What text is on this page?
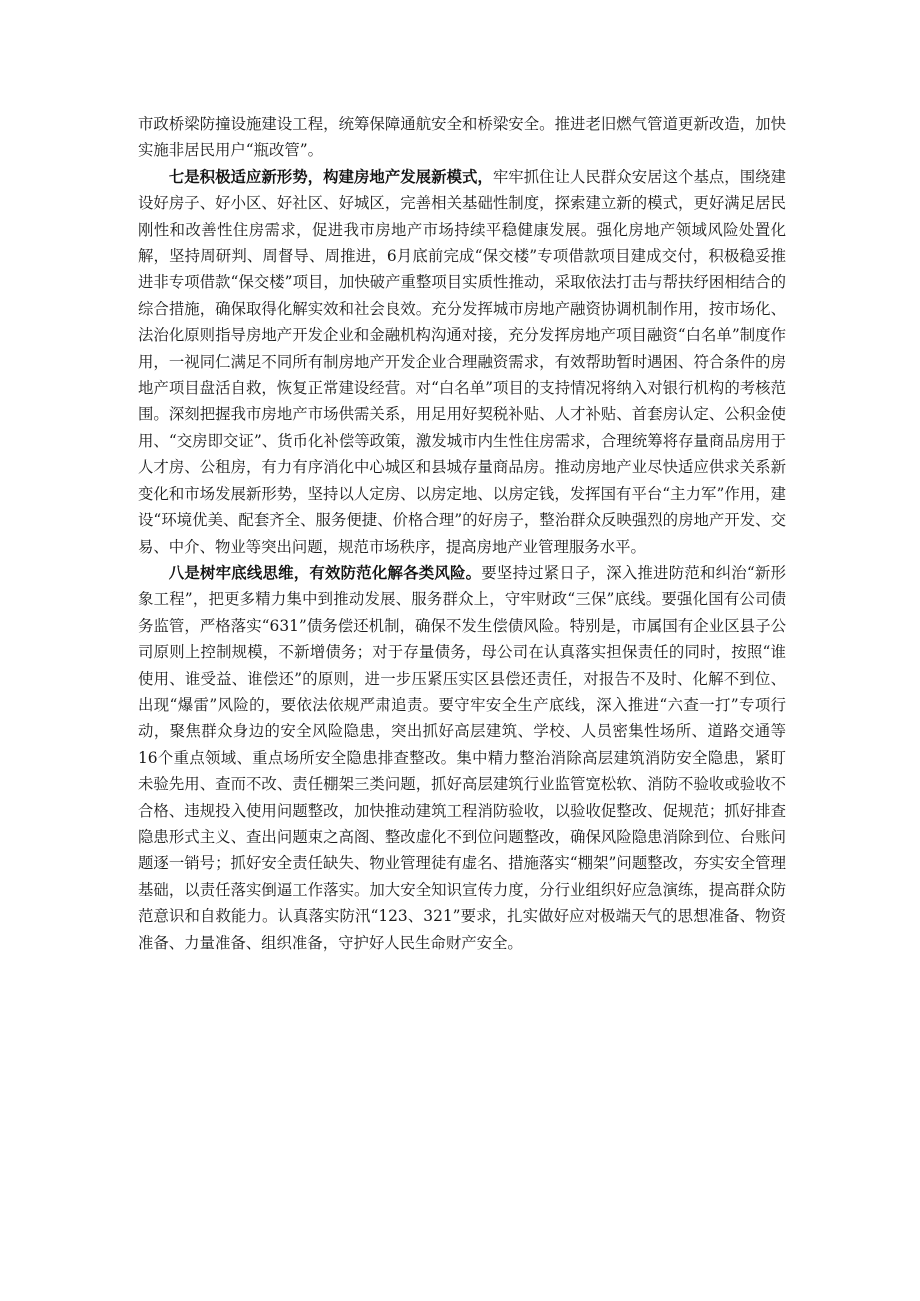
市政桥梁防撞设施建设工程，统筹保障通航安全和桥梁安全。推进老旧燃气管道更新改造，加快实施非居民用户“瓶改管”。

七是积极适应新形势，构建房地产发展新模式，牢牢抓住让人民群众安居这个基点，围绕建设好房子、好小区、好社区、好城区，完善相关基础性制度，探索建立新的模式，更好满足居民刚性和改善性住房需求，促进我市房地产市场持续平稳健康发展。强化房地产领域风险处置化解，坚持周研判、周督导、周推进，6月底前完成“保交楼”专项借款项目建成交付，积极稳妥推进非专项借款“保交楼”项目，加快破产重整项目实质性推动，采取依法打击与帮扶纾困相结合的综合措施，确保取得化解实效和社会良效。充分发挥城市房地产融资协调机制作用，按市场化、法治化原则指导房地产开发企业和金融机构沟通对接，充分发挥房地产项目融资“白名单”制度作用，一视同仁满足不同所有制房地产开发企业合理融资需求，有效帮助暂时遇困、符合条件的房地产项目盘活自救，恢复正常建设经营。对“白名单”项目的支持情况将纳入对银行机构的考核范围。深刻把握我市房地产市场供需关系，用足用好契税补贴、人才补贴、首套房认定、公积金使用、“交房即交证”、货币化补偿等政策，激发城市内生性住房需求，合理统筹将存量商品房用于人才房、公租房，有力有序消化中心城区和县城存量商品房。推动房地产业尽快适应供求关系新变化和市场发展新形势，坚持以人定房、以房定地、以房定钱，发挥国有平台“主力军”作用，建设“环境优美、配套齐全、服务便捷、价格合理”的好房子，整治群众反映强烈的房地产开发、交易、中介、物业等突出问题，规范市场秩序，提高房地产业管理服务水平。

八是树牢底线思维，有效防范化解各类风险。要坚持过紧日子，深入推进防范和纠治“新形象工程”，把更多精力集中到推动发展、服务群众上，守牢财政“三保”底线。要强化国有公司债务监管，严格落实“631”债务偿还机制，确保不发生偿债风险。特别是，市属国有企业区县子公司原则上控制规模，不新增债务；对于存量债务，母公司在认真落实担保责任的同时，按照“谁使用、谁受益、谁偿还”的原则，进一步压紧压实区县偿还责任，对报告不及时、化解不到位、出现“爆雷”风险的，要依法依规严肃追责。要守牢安全生产底线，深入推进“六查一打”专项行动，聚焦群众身边的安全风险隐患，突出抓好高层建筑、学校、人员密集性场所、道路交通等16个重点领域、重点场所安全隐患排查整改。集中精力整治消除高层建筑消防安全隐患，紧盯未验先用、查而不改、责任棚架三类问题，抓好高层建筑行业监管宽松软、消防不验收或验收不合格、违规投入使用问题整改，加快推动建筑工程消防验收，以验收促整改、促规范；抓好排查隐患形式主义、查出问题束之高阁、整改虚化不到位问题整改，确保风险隐患消除到位、台账问题逐一销号；抓好安全责任缺失、物业管理徒有虚名、措施落实“棚架”问题整改，夯实安全管理基础，以责任落实倒逼工作落实。加大安全知识宣传力度，分行业组织好应急演练，提高群众防范意识和自救能力。认真落实防汛“123、321”要求，扎实做好应对极端天气的思想准备、物资准备、力量准备、组织准备，守护好人民生命财产安全。
